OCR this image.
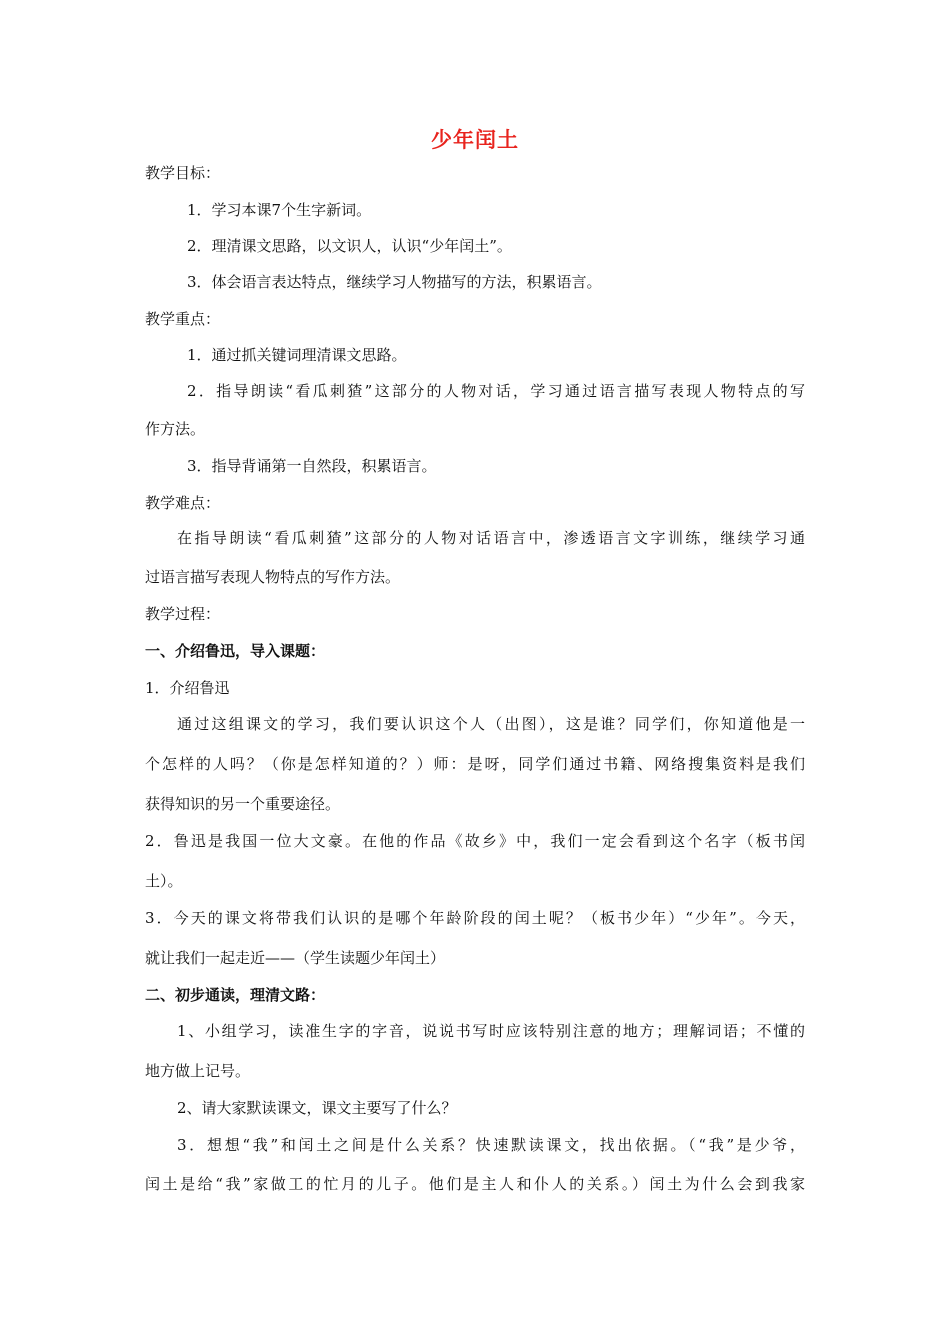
少年闰土
教学目标：
1．学习本课7个生字新词。
2．理清课文思路，以文识人，认识“少年闰土”。
3．体会语言表达特点，继续学习人物描写的方法，积累语言。
教学重点：
1．通过抓关键词理清课文思路。
2．指导朗读“看瓜刺猹”这部分的人物对话，学习通过语言描写表现人物特点的写
作方法。
3．指导背诵第一自然段，积累语言。
教学难点：
在指导朗读“看瓜刺猹”这部分的人物对话语言中，渗透语言文字训练，继续学习通
过语言描写表现人物特点的写作方法。
教学过程：
一、介绍鲁迅，导入课题：
1．介绍鲁迅
通过这组课文的学习，我们要认识这个人（出图），这是谁？同学们，你知道他是一
个怎样的人吗？（你是怎样知道的？）师：是呀，同学们通过书籍、网络搜集资料是我们
获得知识的另一个重要途径。
2．鲁迅是我国一位大文豪。在他的作品《故乡》中，我们一定会看到这个名字（板书闰
土）。
3．今天的课文将带我们认识的是哪个年龄阶段的闰土呢？（板书少年）“少年”。今天，
就让我们一起走近——（学生读题少年闰土）
二、初步通读，理清文路：
1、小组学习，读准生字的字音，说说书写时应该特别注意的地方；理解词语；不懂的
地方做上记号。
2、请大家默读课文，课文主要写了什么？
3．想想“我”和闰土之间是什么关系？快速默读课文，找出依据。（“我”是少爷，
闰土是给“我”家做工的忙月的儿子。他们是主人和仆人的关系。）闰土为什么会到我家
